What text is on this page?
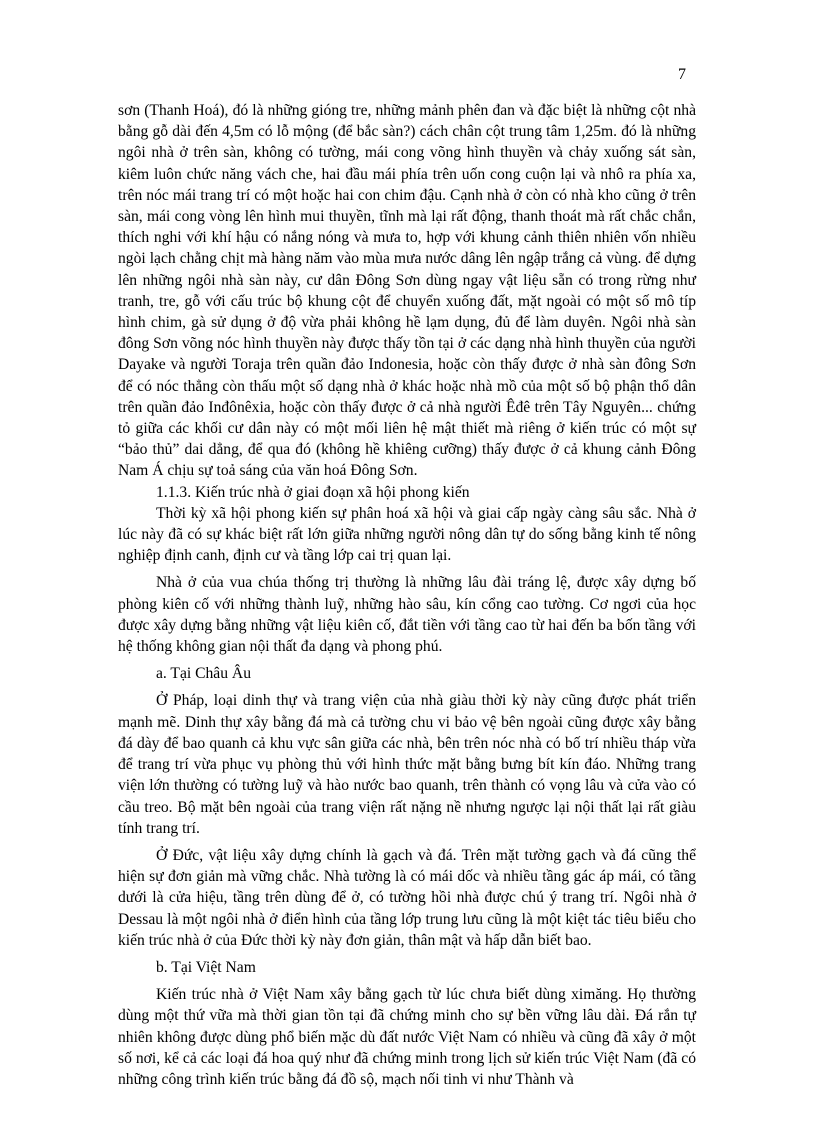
7

sơn (Thanh Hoá), đó là những gióng tre, những mảnh phên đan và đặc biệt là những cột nhà bằng gỗ dài đến 4,5m có lỗ mộng (để bắc sàn?) cách chân cột trung tâm 1,25m. đó là những ngôi nhà ở trên sàn, không có tường, mái cong võng hình thuyền và chảy xuống sát sàn, kiêm luôn chức năng vách che, hai đầu mái phía trên uốn cong cuộn lại và nhô ra phía xa, trên nóc mái trang trí có một hoặc hai con chim đậu. Cạnh nhà ở còn có nhà kho cũng ở trên sàn, mái cong vòng lên hình mui thuyền, tĩnh mà lại rất động, thanh thoát mà rất chắc chắn, thích nghi với khí hậu có nắng nóng và mưa to, hợp với khung cảnh thiên nhiên vốn nhiều ngòi lạch chằng chịt mà hàng năm vào mùa mưa nước dâng lên ngập trắng cả vùng. để dựng lên những ngôi nhà sàn này, cư dân Đông Sơn dùng ngay vật liệu sẵn có trong rừng như tranh, tre, gỗ với cấu trúc bộ khung cột để chuyển xuống đất, mặt ngoài có một số mô típ hình chim, gà sử dụng ở độ vừa phải không hề lạm dụng, đủ để làm duyên. Ngôi nhà sàn đông Sơn võng nóc hình thuyền này được thấy tồn tại ở các dạng nhà hình thuyền của người Dayake và người Toraja trên quần đảo Indonesia, hoặc còn thấy được ở nhà sàn đông Sơn để có nóc thẳng còn thấu một số dạng nhà ở khác hoặc nhà mồ của một số bộ phận thổ dân trên quần đảo Inđônêxia, hoặc còn thấy được ở cả nhà người Êđê trên Tây Nguyên... chứng tỏ giữa các khối cư dân này có một mối liên hệ mật thiết mà riêng ở kiến trúc có một sự “bảo thủ” dai dẳng, để qua đó (không hề khiêng cưỡng) thấy được ở cả khung cảnh Đông Nam Á chịu sự toả sáng của văn hoá Đông Sơn.

1.1.3. Kiến trúc nhà ở giai đoạn xã hội phong kiến

Thời kỳ xã hội phong kiến sự phân hoá xã hội và giai cấp ngày càng sâu sắc. Nhà ở lúc này đã có sự khác biệt rất lớn giữa những người nông dân tự do sống bằng kinh tế nông nghiệp định canh, định cư và tầng lớp cai trị quan lại.

Nhà ở của vua chúa thống trị thường là những lâu đài tráng lệ, được xây dựng bố phòng kiên cố với những thành luỹ, những hào sâu, kín cổng cao tường. Cơ ngơi của học được xây dựng bằng những vật liệu kiên cố, đắt tiền với tầng cao từ hai đến ba bốn tầng với hệ thống không gian nội thất đa dạng và phong phú.

a. Tại Châu Âu

Ở Pháp, loại dinh thự và trang viện của nhà giàu thời kỳ này cũng được phát triển mạnh mẽ. Dinh thự xây bằng đá mà cả tường chu vi bảo vệ bên ngoài cũng được xây bằng đá dày để bao quanh cả khu vực sân giữa các nhà, bên trên nóc nhà có bố trí nhiều tháp vừa để trang trí vừa phục vụ phòng thủ với hình thức mặt bằng bưng bít kín đáo. Những trang viện lớn thường có tường luỹ và hào nước bao quanh, trên thành có vọng lâu và cửa vào có cầu treo. Bộ mặt bên ngoài của trang viện rất nặng nề nhưng ngược lại nội thất lại rất giàu tính trang trí.

Ở Đức, vật liệu xây dựng chính là gạch và đá. Trên mặt tường gạch và đá cũng thể hiện sự đơn giản mà vững chắc. Nhà tường là có mái dốc và nhiều tầng gác áp mái, có tầng dưới là cửa hiệu, tầng trên dùng để ở, có tường hồi nhà được chú ý trang trí. Ngôi nhà ở Dessau là một ngôi nhà ở điển hình của tầng lớp trung lưu cũng là một kiệt tác tiêu biểu cho kiến trúc nhà ở của Đức thời kỳ này đơn giản, thân mật và hấp dẫn biết bao.

b. Tại Việt Nam

Kiến trúc nhà ở Việt Nam xây bằng gạch từ lúc chưa biết dùng ximăng. Họ thường dùng một thứ vữa mà thời gian tồn tại đã chứng minh cho sự bền vững lâu dài. Đá rắn tự nhiên không được dùng phổ biến mặc dù đất nước Việt Nam có nhiều và cũng đã xây ở một số nơi, kể cả các loại đá hoa quý như đã chứng minh trong lịch sử kiến trúc Việt Nam (đã có những công trình kiến trúc bằng đá đồ sộ, mạch nối tinh vi như Thành và
